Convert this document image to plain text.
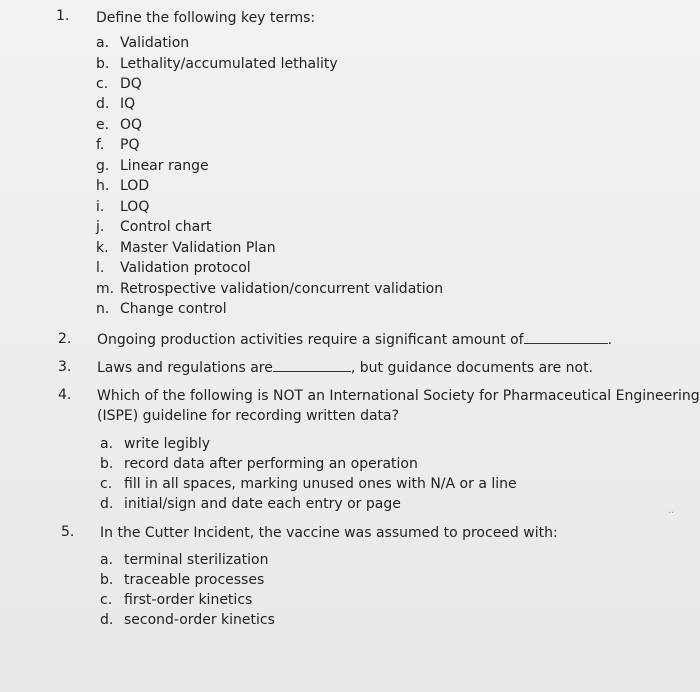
1. Define the following key terms:
a. Validation
b. Lethality/accumulated lethality
c. DQ
d. IQ
e. OQ
f. PQ
g. Linear range
h. LOD
i. LOQ
j. Control chart
k. Master Validation Plan
l. Validation protocol
m. Retrospective validation/concurrent validation
n. Change control
2. Ongoing production activities require a significant amount of	.
3. Laws and regulations are	, but guidance documents are not.
4. Which of the following is NOT an International Society for Pharmaceutical Engineering
(ISPE) guideline for recording written data?
a. write legibly
b. record data after performing an operation
c. fill in all spaces, marking unused ones with N/A or a line
d. initial/sign and date each entry or page
5. In the Cutter Incident, the vaccine was assumed to proceed with:
a. terminal sterilization
b. traceable processes
c. first-order kinetics
d. second-order kinetics
··
